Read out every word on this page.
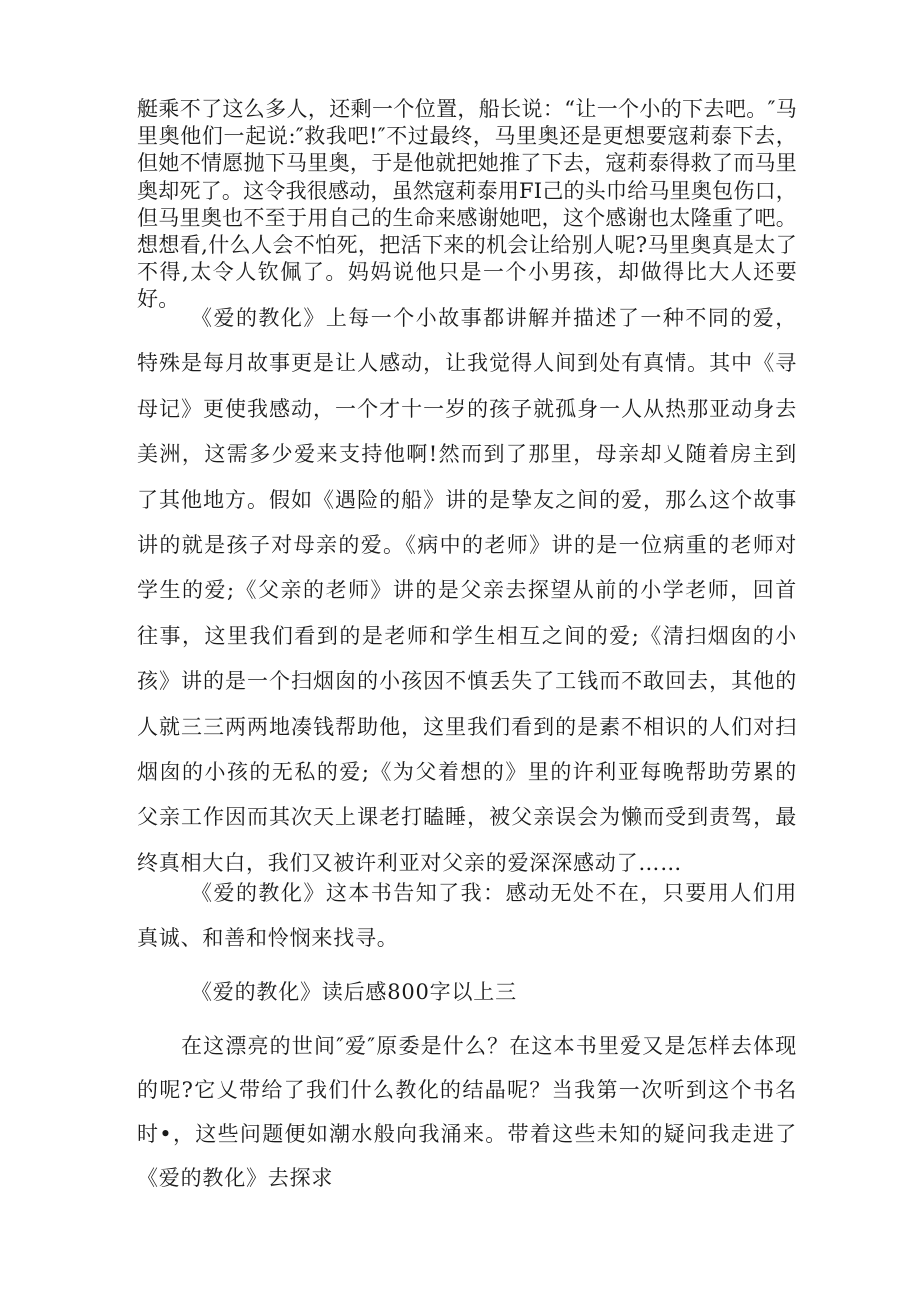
艇乘不了这么多人，还剩一个位置，船长说：“让一个小的下去吧。″马里奥他们一起说:″救我吧!″不过最终，马里奥还是更想要寇莉泰下去，但她不情愿抛下马里奥，于是他就把她推了下去，寇莉泰得救了而马里奥却死了。这令我很感动，虽然寇莉泰用FI己的头巾给马里奥包伤口，但马里奥也不至于用自己的生命来感谢她吧，这个感谢也太隆重了吧。想想看,什么人会不怕死，把活下来的机会让给别人呢?马里奥真是太了不得,太令人钦佩了。妈妈说他只是一个小男孩，却做得比大人还要好。

《爱的教化》上每一个小故事都讲解并描述了一种不同的爱，特殊是每月故事更是让人感动，让我觉得人间到处有真情。其中《寻母记》更使我感动，一个才十一岁的孩子就孤身一人从热那亚动身去美洲，这需多少爱来支持他啊!然而到了那里，母亲却乂随着房主到了其他地方。假如《遇险的船》讲的是挚友之间的爱，那么这个故事讲的就是孩子对母亲的爱。《病中的老师》讲的是一位病重的老师对学生的爱;《父亲的老师》讲的是父亲去探望从前的小学老师，回首往事，这里我们看到的是老师和学生相互之间的爱;《清扫烟囱的小孩》讲的是一个扫烟囱的小孩因不慎丢失了工钱而不敢回去，其他的人就三三两两地凑钱帮助他，这里我们看到的是素不相识的人们对扫烟囱的小孩的无私的爱;《为父着想的》里的许利亚每晚帮助劳累的父亲工作因而其次天上课老打瞌睡，被父亲误会为懒而受到责驾，最终真相大白，我们又被许利亚对父亲的爱深深感动了……

《爱的教化》这本书告知了我：感动无处不在，只要用人们用真诚、和善和怜悯来找寻。

《爱的教化》读后感800字以上三

在这漂亮的世间″爱″原委是什么？在这本书里爱又是怎样去体现的呢?它乂带给了我们什么教化的结晶呢？当我第一次听到这个书名时•，这些问题便如潮水般向我涌来。带着这些未知的疑问我走进了《爱的教化》去探求
